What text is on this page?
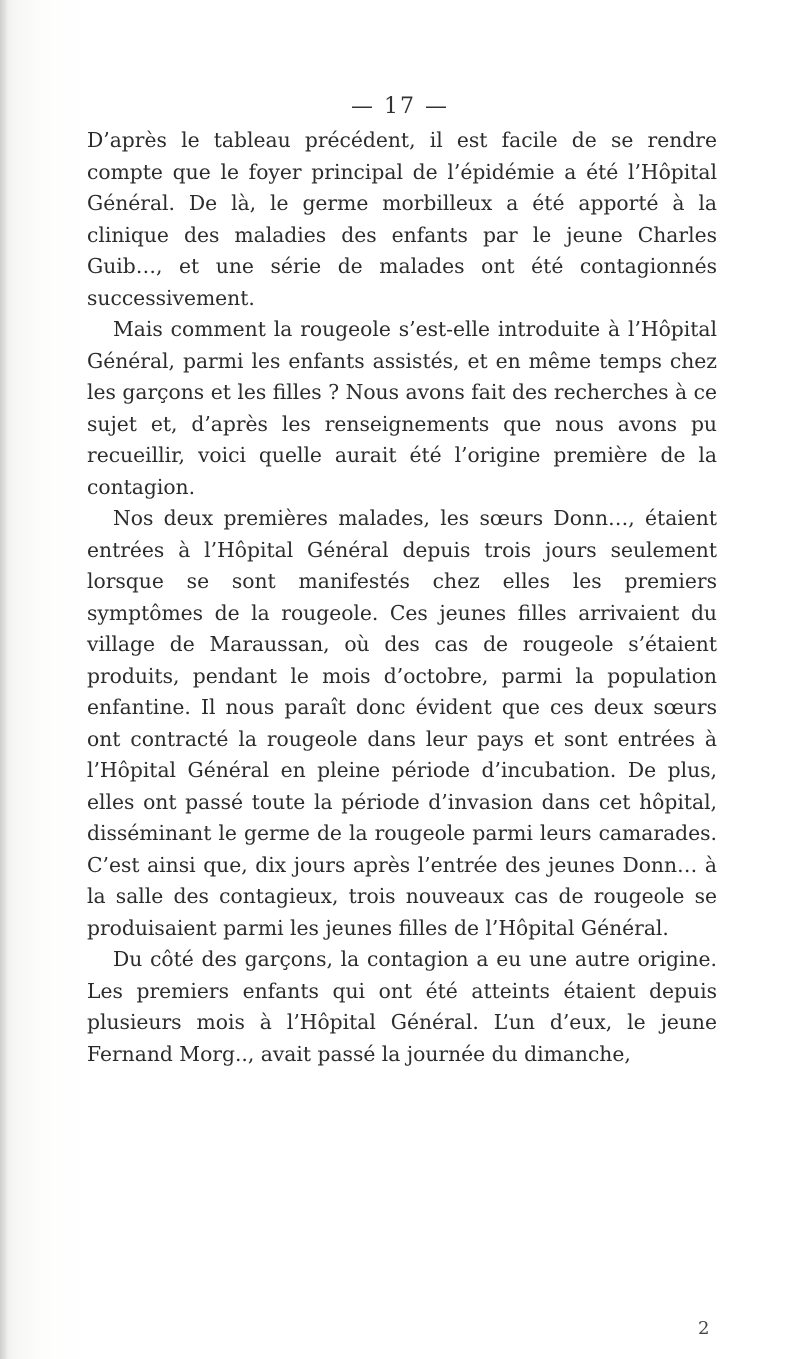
— 17 —

D’après le tableau précédent, il est facile de se rendre compte que le foyer principal de l’épidémie a été l’Hôpital Général. De là, le germe morbilleux a été apporté à la clinique des maladies des enfants par le jeune Charles Guib…, et une série de malades ont été contagionnés successivement.

Mais comment la rougeole s’est-elle introduite à l’Hôpital Général, parmi les enfants assistés, et en même temps chez les garçons et les filles ? Nous avons fait des recherches à ce sujet et, d’après les renseignements que nous avons pu recueillir, voici quelle aurait été l’origine première de la contagion.

Nos deux premières malades, les sœurs Donn…, étaient entrées à l’Hôpital Général depuis trois jours seulement lorsque se sont manifestés chez elles les premiers symptômes de la rougeole. Ces jeunes filles arrivaient du village de Maraussan, où des cas de rougeole s’étaient produits, pendant le mois d’octobre, parmi la population enfantine. Il nous paraît donc évident que ces deux sœurs ont contracté la rougeole dans leur pays et sont entrées à l’Hôpital Général en pleine période d’incubation. De plus, elles ont passé toute la période d’invasion dans cet hôpital, disséminant le germe de la rougeole parmi leurs camarades. C’est ainsi que, dix jours après l’entrée des jeunes Donn… à la salle des contagieux, trois nouveaux cas de rougeole se produisaient parmi les jeunes filles de l’Hôpital Général.

Du côté des garçons, la contagion a eu une autre origine. Les premiers enfants qui ont été atteints étaient depuis plusieurs mois à l’Hôpital Général. L’un d’eux, le jeune Fernand Morg.., avait passé la journée du dimanche,

2
